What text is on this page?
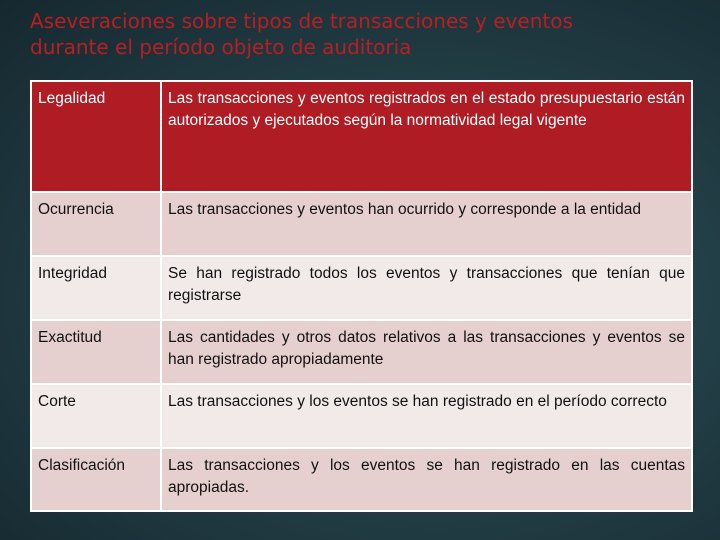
Aseveraciones sobre tipos de transacciones y eventos
durante el período objeto de auditoria
Legalidad	Las transacciones y eventos registrados en el estado presupuestario están autorizados y ejecutados según la normatividad legal vigente
Ocurrencia	Las transacciones y eventos han ocurrido y corresponde a la entidad
Integridad	Se han registrado todos los eventos y transacciones que tenían que registrarse
Exactitud	Las cantidades y otros datos relativos a las transacciones y eventos se han registrado apropiadamente
Corte	Las transacciones y los eventos se han registrado en el período correcto
Clasificación	Las transacciones y los eventos se han registrado en las cuentas apropiadas.
